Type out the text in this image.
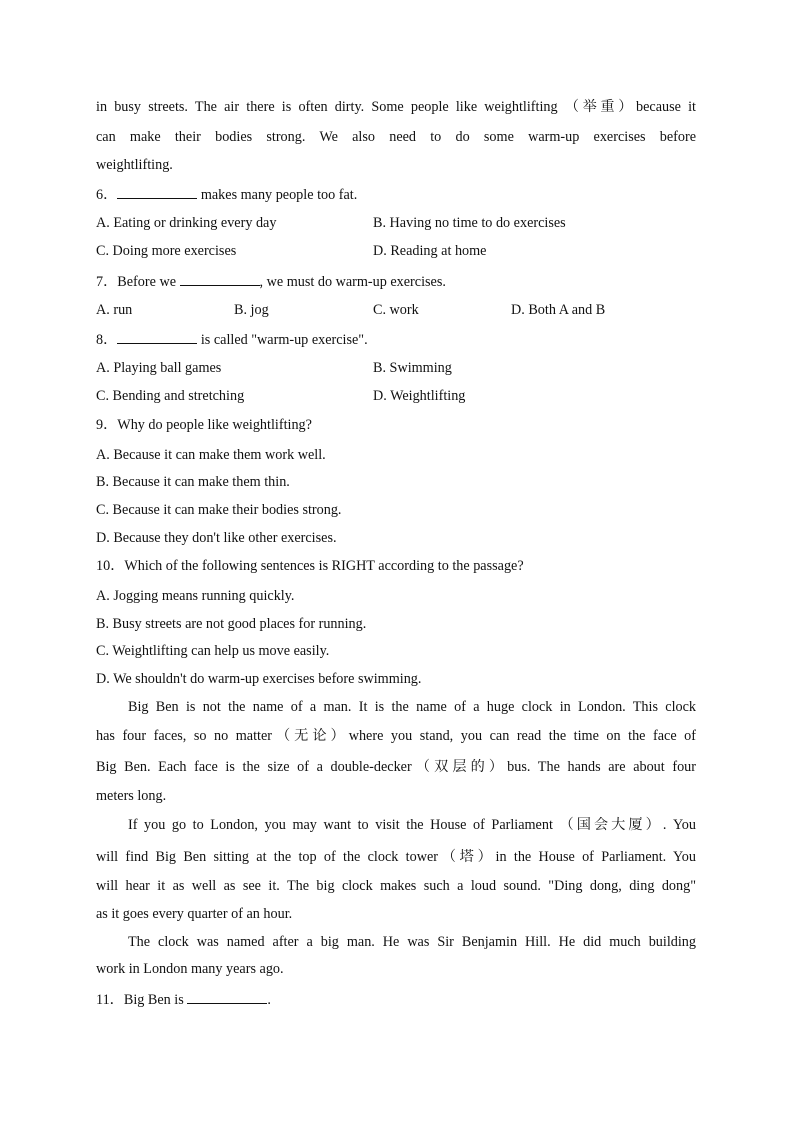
in busy streets. The air there is often dirty. Some people like weightlifting （举重）because it
can make their bodies strong. We also need to do some warm-up exercises before
weightlifting.
6．	makes many people too fat.
A. Eating or drinking every day	B. Having no time to do exercises
C. Doing more exercises	D. Reading at home
7．Before we	, we must do warm-up exercises.
A. run	B. jog	C. work	D. Both A and B
8．	is called "warm-up exercise".
A. Playing ball games	B. Swimming
C. Bending and stretching	D. Weightlifting
9．Why do people like weightlifting?
A. Because it can make them work well.
B. Because it can make them thin.
C. Because it can make their bodies strong.
D. Because they don't like other exercises.
10．Which of the following sentences is RIGHT according to the passage?
A. Jogging means running quickly.
B. Busy streets are not good places for running.
C. Weightlifting can help us move easily.
D. We shouldn't do warm-up exercises before swimming.
Big Ben is not the name of a man. It is the name of a huge clock in London. This clock
has four faces, so no matter（无论）where you stand, you can read the time on the face of
Big Ben. Each face is the size of a double-decker（双层的）bus. The hands are about four
meters long.
If you go to London, you may want to visit the House of Parliament （国会大厦）. You
will find Big Ben sitting at the top of the clock tower（塔）in the House of Parliament. You
will hear it as well as see it. The big clock makes such a loud sound. "Ding dong, ding dong"
as it goes every quarter of an hour.
The clock was named after a big man. He was Sir Benjamin Hill. He did much building
work in London many years ago.
11．Big Ben is	.
